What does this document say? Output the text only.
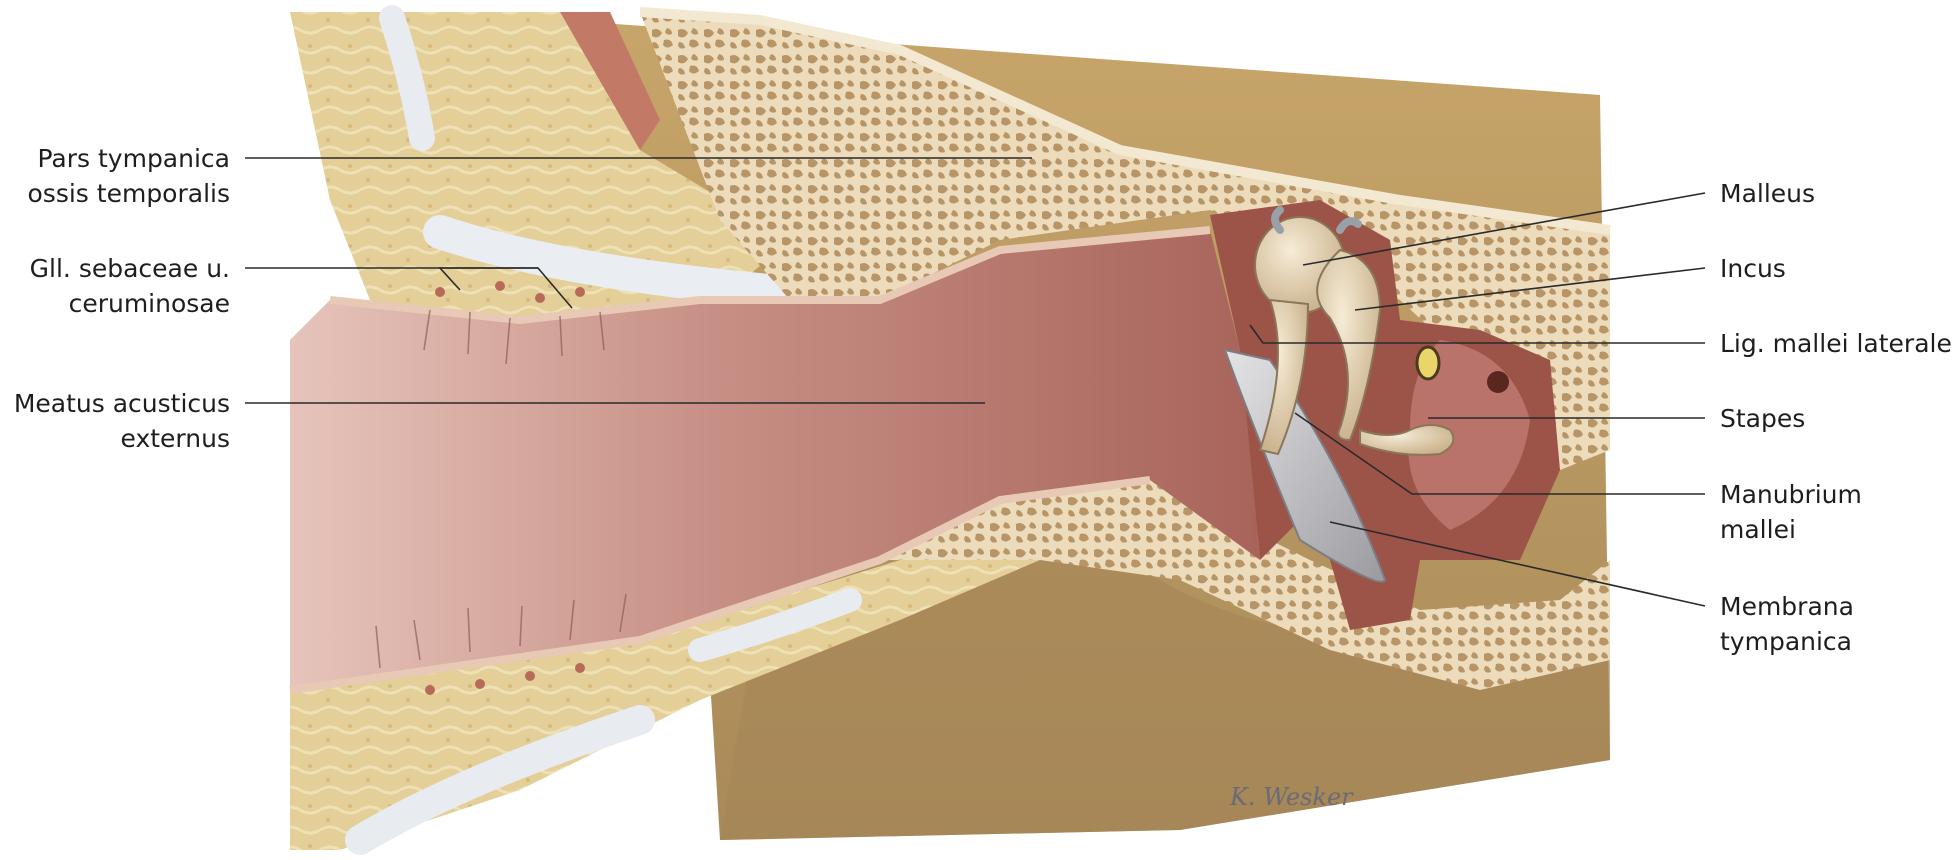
Pars tympanica
ossis temporalis
Gll. sebaceae u.
ceruminosae
Meatus acusticus
externus
Malleus
Incus
Lig. mallei laterale
Stapes
Manubrium
mallei
Membrana
tympanica
K. Wesker
